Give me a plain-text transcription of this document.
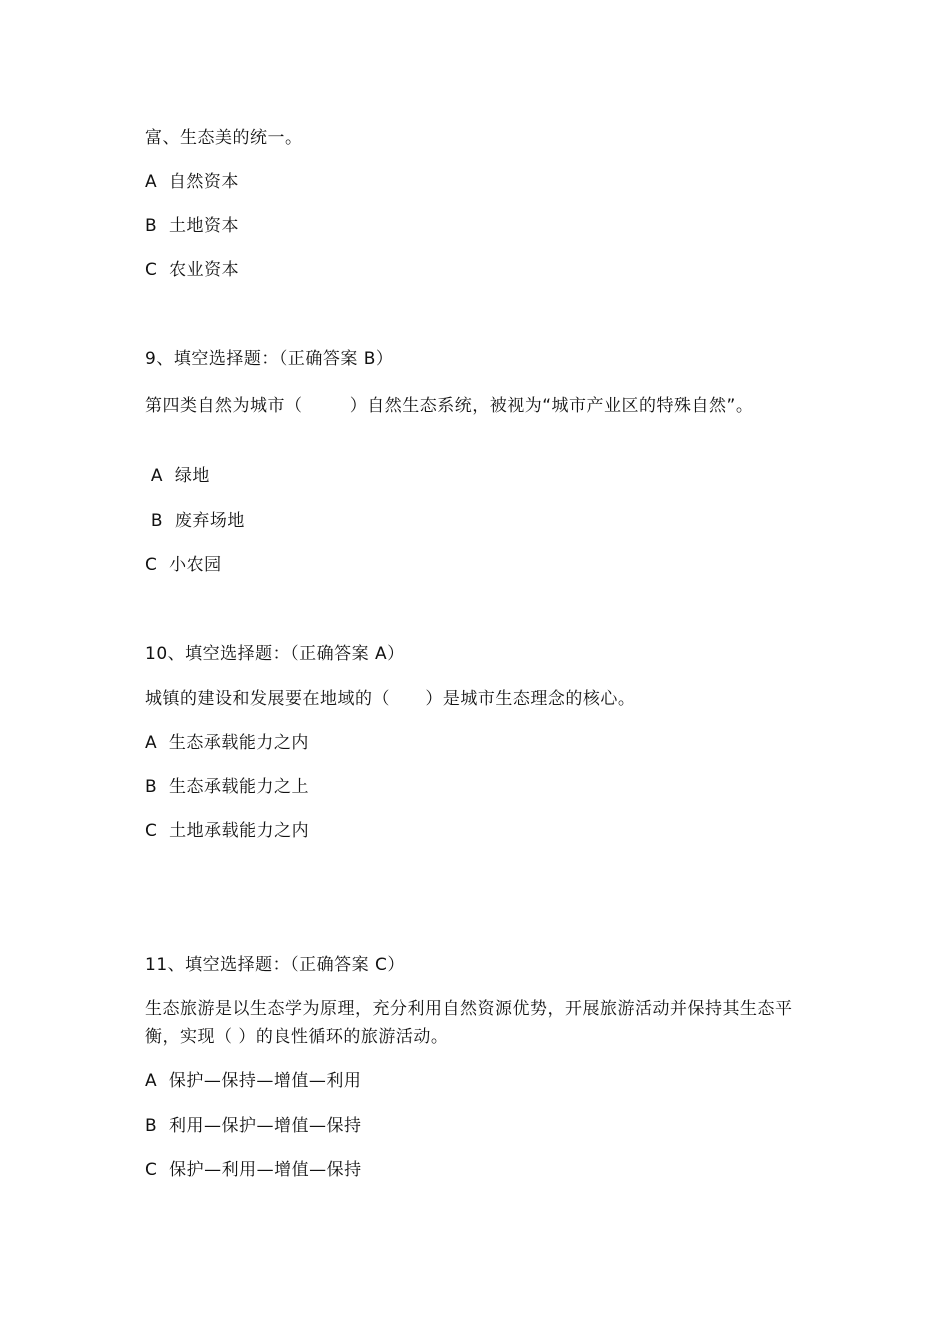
富、生态美的统一。
A  自然资本
B  土地资本
C  农业资本
9、填空选择题：（正确答案 B）
第四类自然为城市（        ）自然生态系统，被视为“城市产业区的特殊自然”。
A  绿地
B  废弃场地
C  小农园
10、填空选择题：（正确答案 A）
城镇的建设和发展要在地域的（      ）是城市生态理念的核心。
A  生态承载能力之内
B  生态承载能力之上
C  土地承载能力之内
11、填空选择题：（正确答案 C）
生态旅游是以生态学为原理，充分利用自然资源优势，开展旅游活动并保持其生态平衡，实现（ ）的良性循环的旅游活动。
A  保护—保持—增值—利用
B  利用—保护—增值—保持
C  保护—利用—增值—保持
